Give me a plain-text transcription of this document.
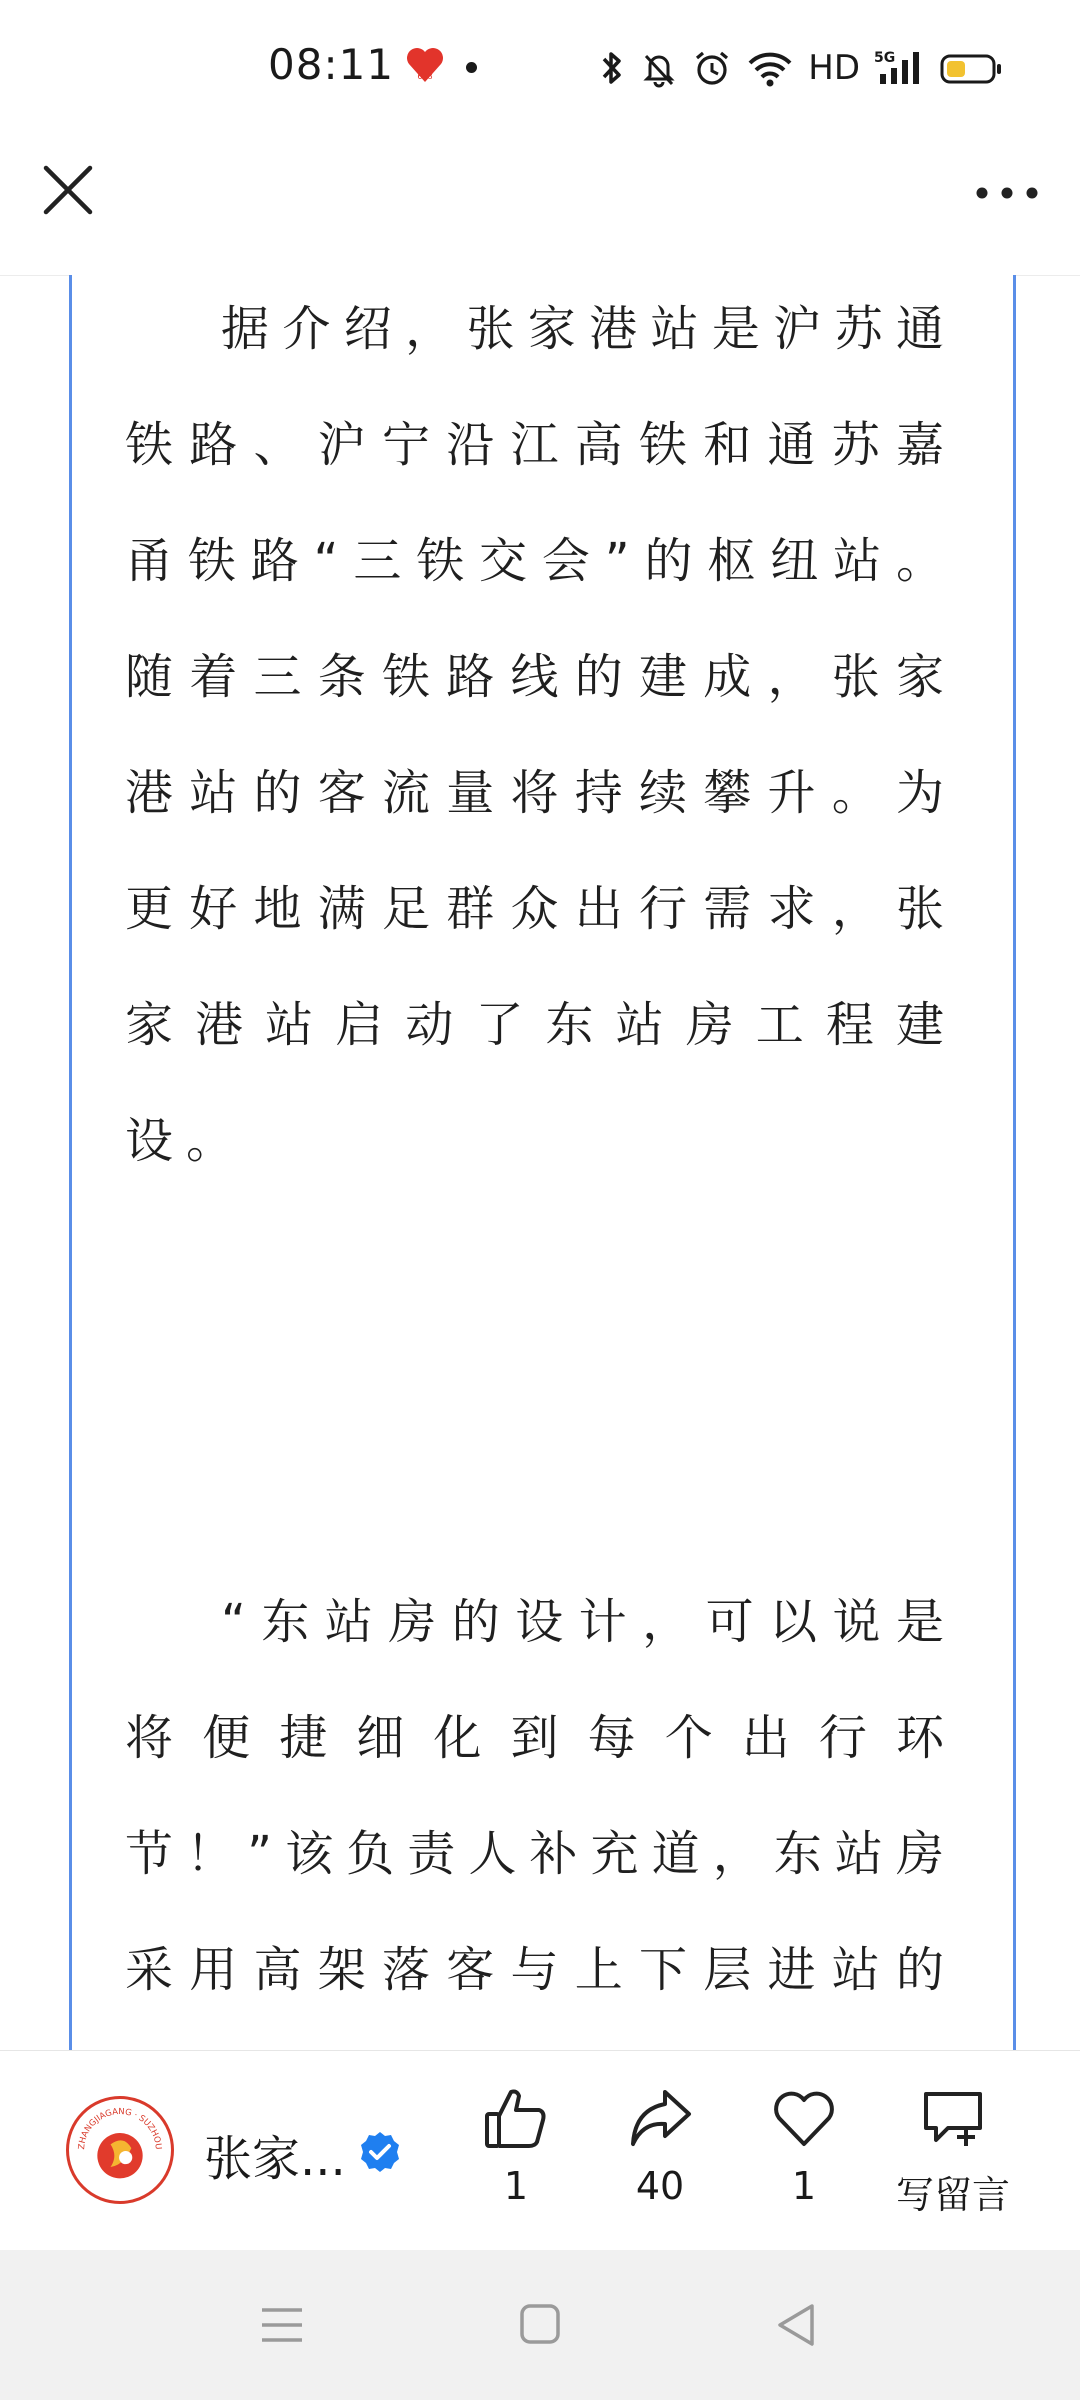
08:11	618	HD 5G

据介绍，张家港站是沪苏通铁路、沪宁沿江高铁和通苏嘉甬铁路“三铁交会”的枢纽站。随着三条铁路线的建成，张家港站的客流量将持续攀升。为更好地满足群众出行需求，张家港站启动了东站房工程建设。

“东站房的设计，可以说是将便捷细化到每个出行环节！”该负责人补充道，东站房采用高架落客与上下层进站的

ZHANGJIAGANG · SUZHOU 张家...	1	40	1	写留言
